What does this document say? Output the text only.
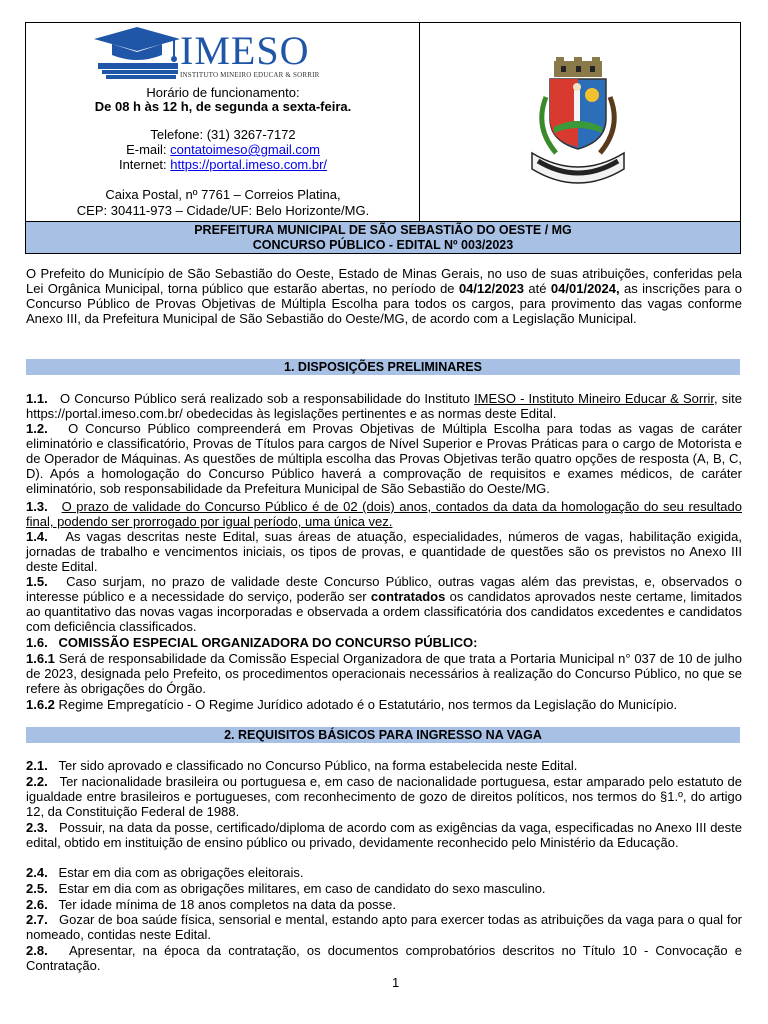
IMESO
INSTITUTO MINEIRO EDUCAR & SORRIR
Horário de funcionamento:
De 08 h às 12 h, de segunda a sexta-feira.
Telefone: (31) 3267-7172
E-mail: contatoimeso@gmail.com
Internet: https://portal.imeso.com.br/
Caixa Postal, nº 7761 – Correios Platina,
CEP: 30411-973 – Cidade/UF: Belo Horizonte/MG.
PREFEITURA MUNICIPAL DE SÃO SEBASTIÃO DO OESTE / MG
CONCURSO PÚBLICO - EDITAL Nº 003/2023
O Prefeito do Município de São Sebastião do Oeste, Estado de Minas Gerais, no uso de suas atribuições, conferidas pela Lei Orgânica Municipal, torna público que estarão abertas, no período de 04/12/2023 até 04/01/2024, as inscrições para o Concurso Público de Provas Objetivas de Múltipla Escolha para todos os cargos, para provimento das vagas conforme Anexo III, da Prefeitura Municipal de São Sebastião do Oeste/MG, de acordo com a Legislação Municipal.
1. DISPOSIÇÕES PRELIMINARES
1.1. O Concurso Público será realizado sob a responsabilidade do Instituto IMESO - Instituto Mineiro Educar & Sorrir, site https://portal.imeso.com.br/ obedecidas às legislações pertinentes e as normas deste Edital.
1.2. O Concurso Público compreenderá em Provas Objetivas de Múltipla Escolha para todas as vagas de caráter eliminatório e classificatório, Provas de Títulos para cargos de Nível Superior e Provas Práticas para o cargo de Motorista e de Operador de Máquinas. As questões de múltipla escolha das Provas Objetivas terão quatro opções de resposta (A, B, C, D). Após a homologação do Concurso Público haverá a comprovação de requisitos e exames médicos, de caráter eliminatório, sob responsabilidade da Prefeitura Municipal de São Sebastião do Oeste/MG.
1.3. O prazo de validade do Concurso Público é de 02 (dois) anos, contados da data da homologação do seu resultado final, podendo ser prorrogado por igual período, uma única vez.
1.4. As vagas descritas neste Edital, suas áreas de atuação, especialidades, números de vagas, habilitação exigida, jornadas de trabalho e vencimentos iniciais, os tipos de provas, e quantidade de questões são os previstos no Anexo III deste Edital.
1.5. Caso surjam, no prazo de validade deste Concurso Público, outras vagas além das previstas, e, observados o interesse público e a necessidade do serviço, poderão ser contratados os candidatos aprovados neste certame, limitados ao quantitativo das novas vagas incorporadas e observada a ordem classificatória dos candidatos excedentes e candidatos com deficiência classificados.
1.6. COMISSÃO ESPECIAL ORGANIZADORA DO CONCURSO PÚBLICO:
1.6.1 Será de responsabilidade da Comissão Especial Organizadora de que trata a Portaria Municipal n° 037 de 10 de julho de 2023, designada pelo Prefeito, os procedimentos operacionais necessários à realização do Concurso Público, no que se refere às obrigações do Órgão.
1.6.2 Regime Empregatício - O Regime Jurídico adotado é o Estatutário, nos termos da Legislação do Município.
2. REQUISITOS BÁSICOS PARA INGRESSO NA VAGA
2.1. Ter sido aprovado e classificado no Concurso Público, na forma estabelecida neste Edital.
2.2. Ter nacionalidade brasileira ou portuguesa e, em caso de nacionalidade portuguesa, estar amparado pelo estatuto de igualdade entre brasileiros e portugueses, com reconhecimento de gozo de direitos políticos, nos termos do §1.º, do artigo 12, da Constituição Federal de 1988.
2.3. Possuir, na data da posse, certificado/diploma de acordo com as exigências da vaga, especificadas no Anexo III deste edital, obtido em instituição de ensino público ou privado, devidamente reconhecido pelo Ministério da Educação.
2.4. Estar em dia com as obrigações eleitorais.
2.5. Estar em dia com as obrigações militares, em caso de candidato do sexo masculino.
2.6. Ter idade mínima de 18 anos completos na data da posse.
2.7. Gozar de boa saúde física, sensorial e mental, estando apto para exercer todas as atribuições da vaga para o qual for nomeado, contidas neste Edital.
2.8. Apresentar, na época da contratação, os documentos comprobatórios descritos no Título 10 - Convocação e Contratação.
1
